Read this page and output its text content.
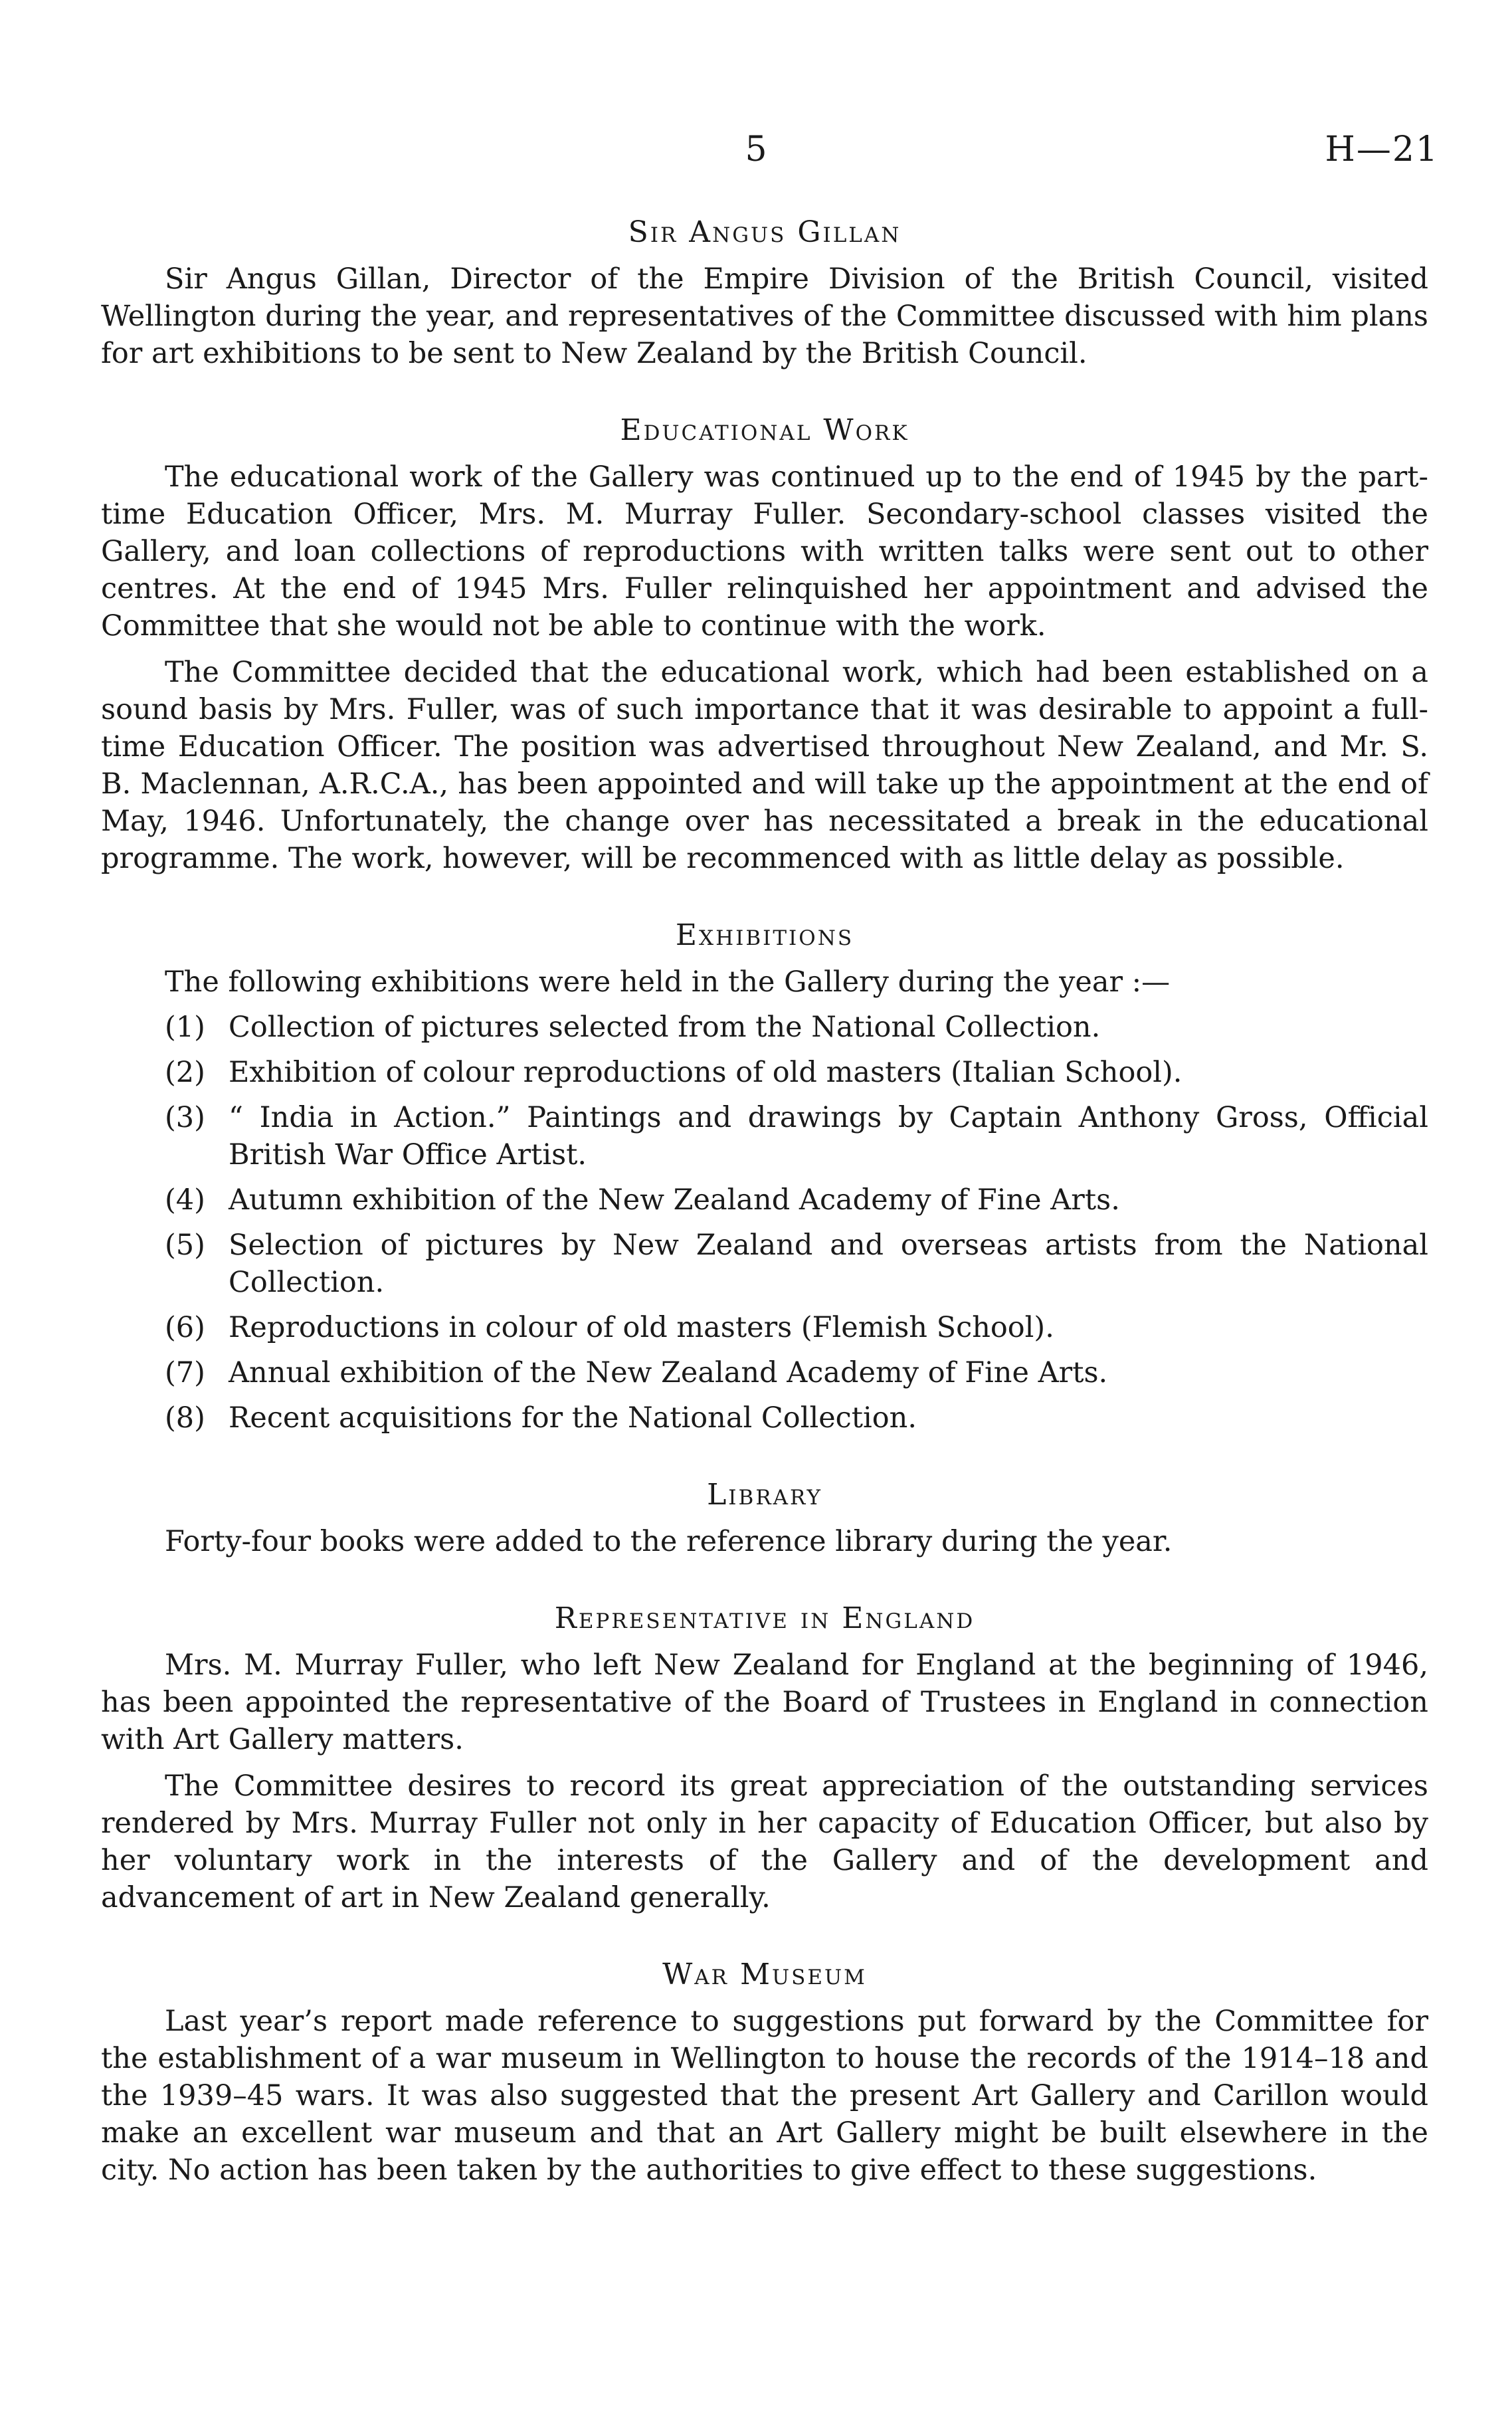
5	H—21
Sir Angus Gillan

Sir Angus Gillan, Director of the Empire Division of the British Council, visited Wellington during the year, and representatives of the Committee discussed with him plans for art exhibitions to be sent to New Zealand by the British Council.

Educational Work

The educational work of the Gallery was continued up to the end of 1945 by the part-time Education Officer, Mrs. M. Murray Fuller. Secondary-school classes visited the Gallery, and loan collections of reproductions with written talks were sent out to other centres. At the end of 1945 Mrs. Fuller relinquished her appointment and advised the Committee that she would not be able to continue with the work.

The Committee decided that the educational work, which had been established on a sound basis by Mrs. Fuller, was of such importance that it was desirable to appoint a full-time Education Officer. The position was advertised throughout New Zealand, and Mr. S. B. Maclennan, A.R.C.A., has been appointed and will take up the appointment at the end of May, 1946. Unfortunately, the change over has necessitated a break in the educational programme. The work, however, will be recommenced with as little delay as possible.

Exhibitions

The following exhibitions were held in the Gallery during the year :—

(1) Collection of pictures selected from the National Collection.
(2) Exhibition of colour reproductions of old masters (Italian School).
(3) “ India in Action.” Paintings and drawings by Captain Anthony Gross, Official British War Office Artist.
(4) Autumn exhibition of the New Zealand Academy of Fine Arts.
(5) Selection of pictures by New Zealand and overseas artists from the National Collection.
(6) Reproductions in colour of old masters (Flemish School).
(7) Annual exhibition of the New Zealand Academy of Fine Arts.
(8) Recent acquisitions for the National Collection.
Library

Forty-four books were added to the reference library during the year.

Representative in England

Mrs. M. Murray Fuller, who left New Zealand for England at the beginning of 1946, has been appointed the representative of the Board of Trustees in England in connection with Art Gallery matters.

The Committee desires to record its great appreciation of the outstanding services rendered by Mrs. Murray Fuller not only in her capacity of Education Officer, but also by her voluntary work in the interests of the Gallery and of the development and advancement of art in New Zealand generally.

War Museum

Last year’s report made reference to suggestions put forward by the Committee for the establishment of a war museum in Wellington to house the records of the 1914–18 and the 1939–45 wars. It was also suggested that the present Art Gallery and Carillon would make an excellent war museum and that an Art Gallery might be built elsewhere in the city. No action has been taken by the authorities to give effect to these suggestions.
